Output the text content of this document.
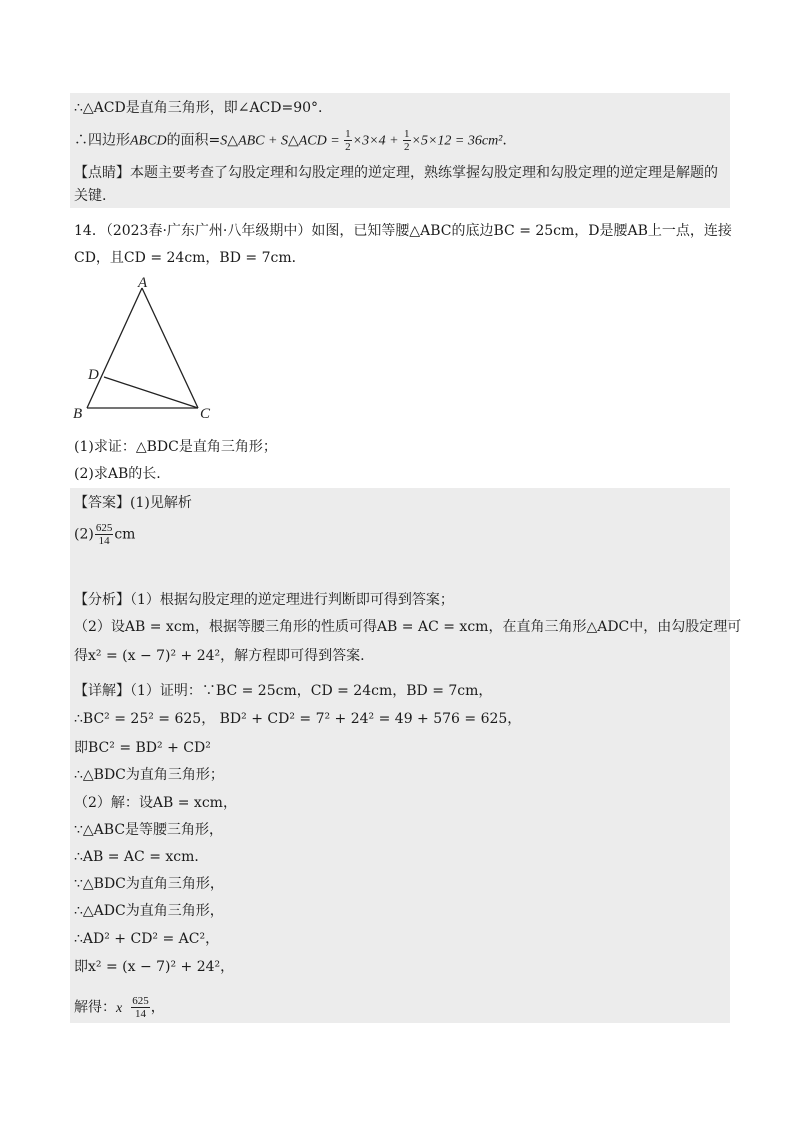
∴△ACD是直角三角形，即∠ACD=90°.
∴四边形ABCD的面积=S△ABC + S△ACD = $\frac{1}{2} \times 3\times 4 + \frac{1}{2} \times 5\times 12 = 36cm^2$.
【点睛】本题主要考查了勾股定理和勾股定理的逆定理，熟练掌握勾股定理和勾股定理的逆定理是解题的
关键.
14．（2023春·广东广州·八年级期中）如图，已知等腰△ABC的底边BC = 25cm，D是腰AB上一点，连接
CD，且CD = 24cm，BD = 7cm．
A
D
B	C
(1)求证：△BDC是直角三角形；
(2)求AB的长.
【答案】(1)见解析
$(2) \frac{625}{14}$ cm
【分析】（1）根据勾股定理的逆定理进行判断即可得到答案；
（2）设AB = xcm，根据等腰三角形的性质可得AB = AC = xcm，在直角三角形△ADC中，由勾股定理可
得x² = (x − 7)² + 24²，解方程即可得到答案.
【详解】（1）证明：∵BC = 25cm，CD = 24cm，BD = 7cm，
∴BC² = 25² = 625， BD² + CD² = 7² + 24² = 49 + 576 = 625，
即BC² = BD² + CD²
∴△BDC为直角三角形；
（2）解：设AB = xcm，
∵△ABC是等腰三角形，
∴AB = AC = xcm．
∵△BDC为直角三角形，
∴△ADC为直角三角形，
∴AD² + CD² = AC²，
即x² = (x − 7)² + 24²，
解得：x $\frac{625}{14}$ ，
